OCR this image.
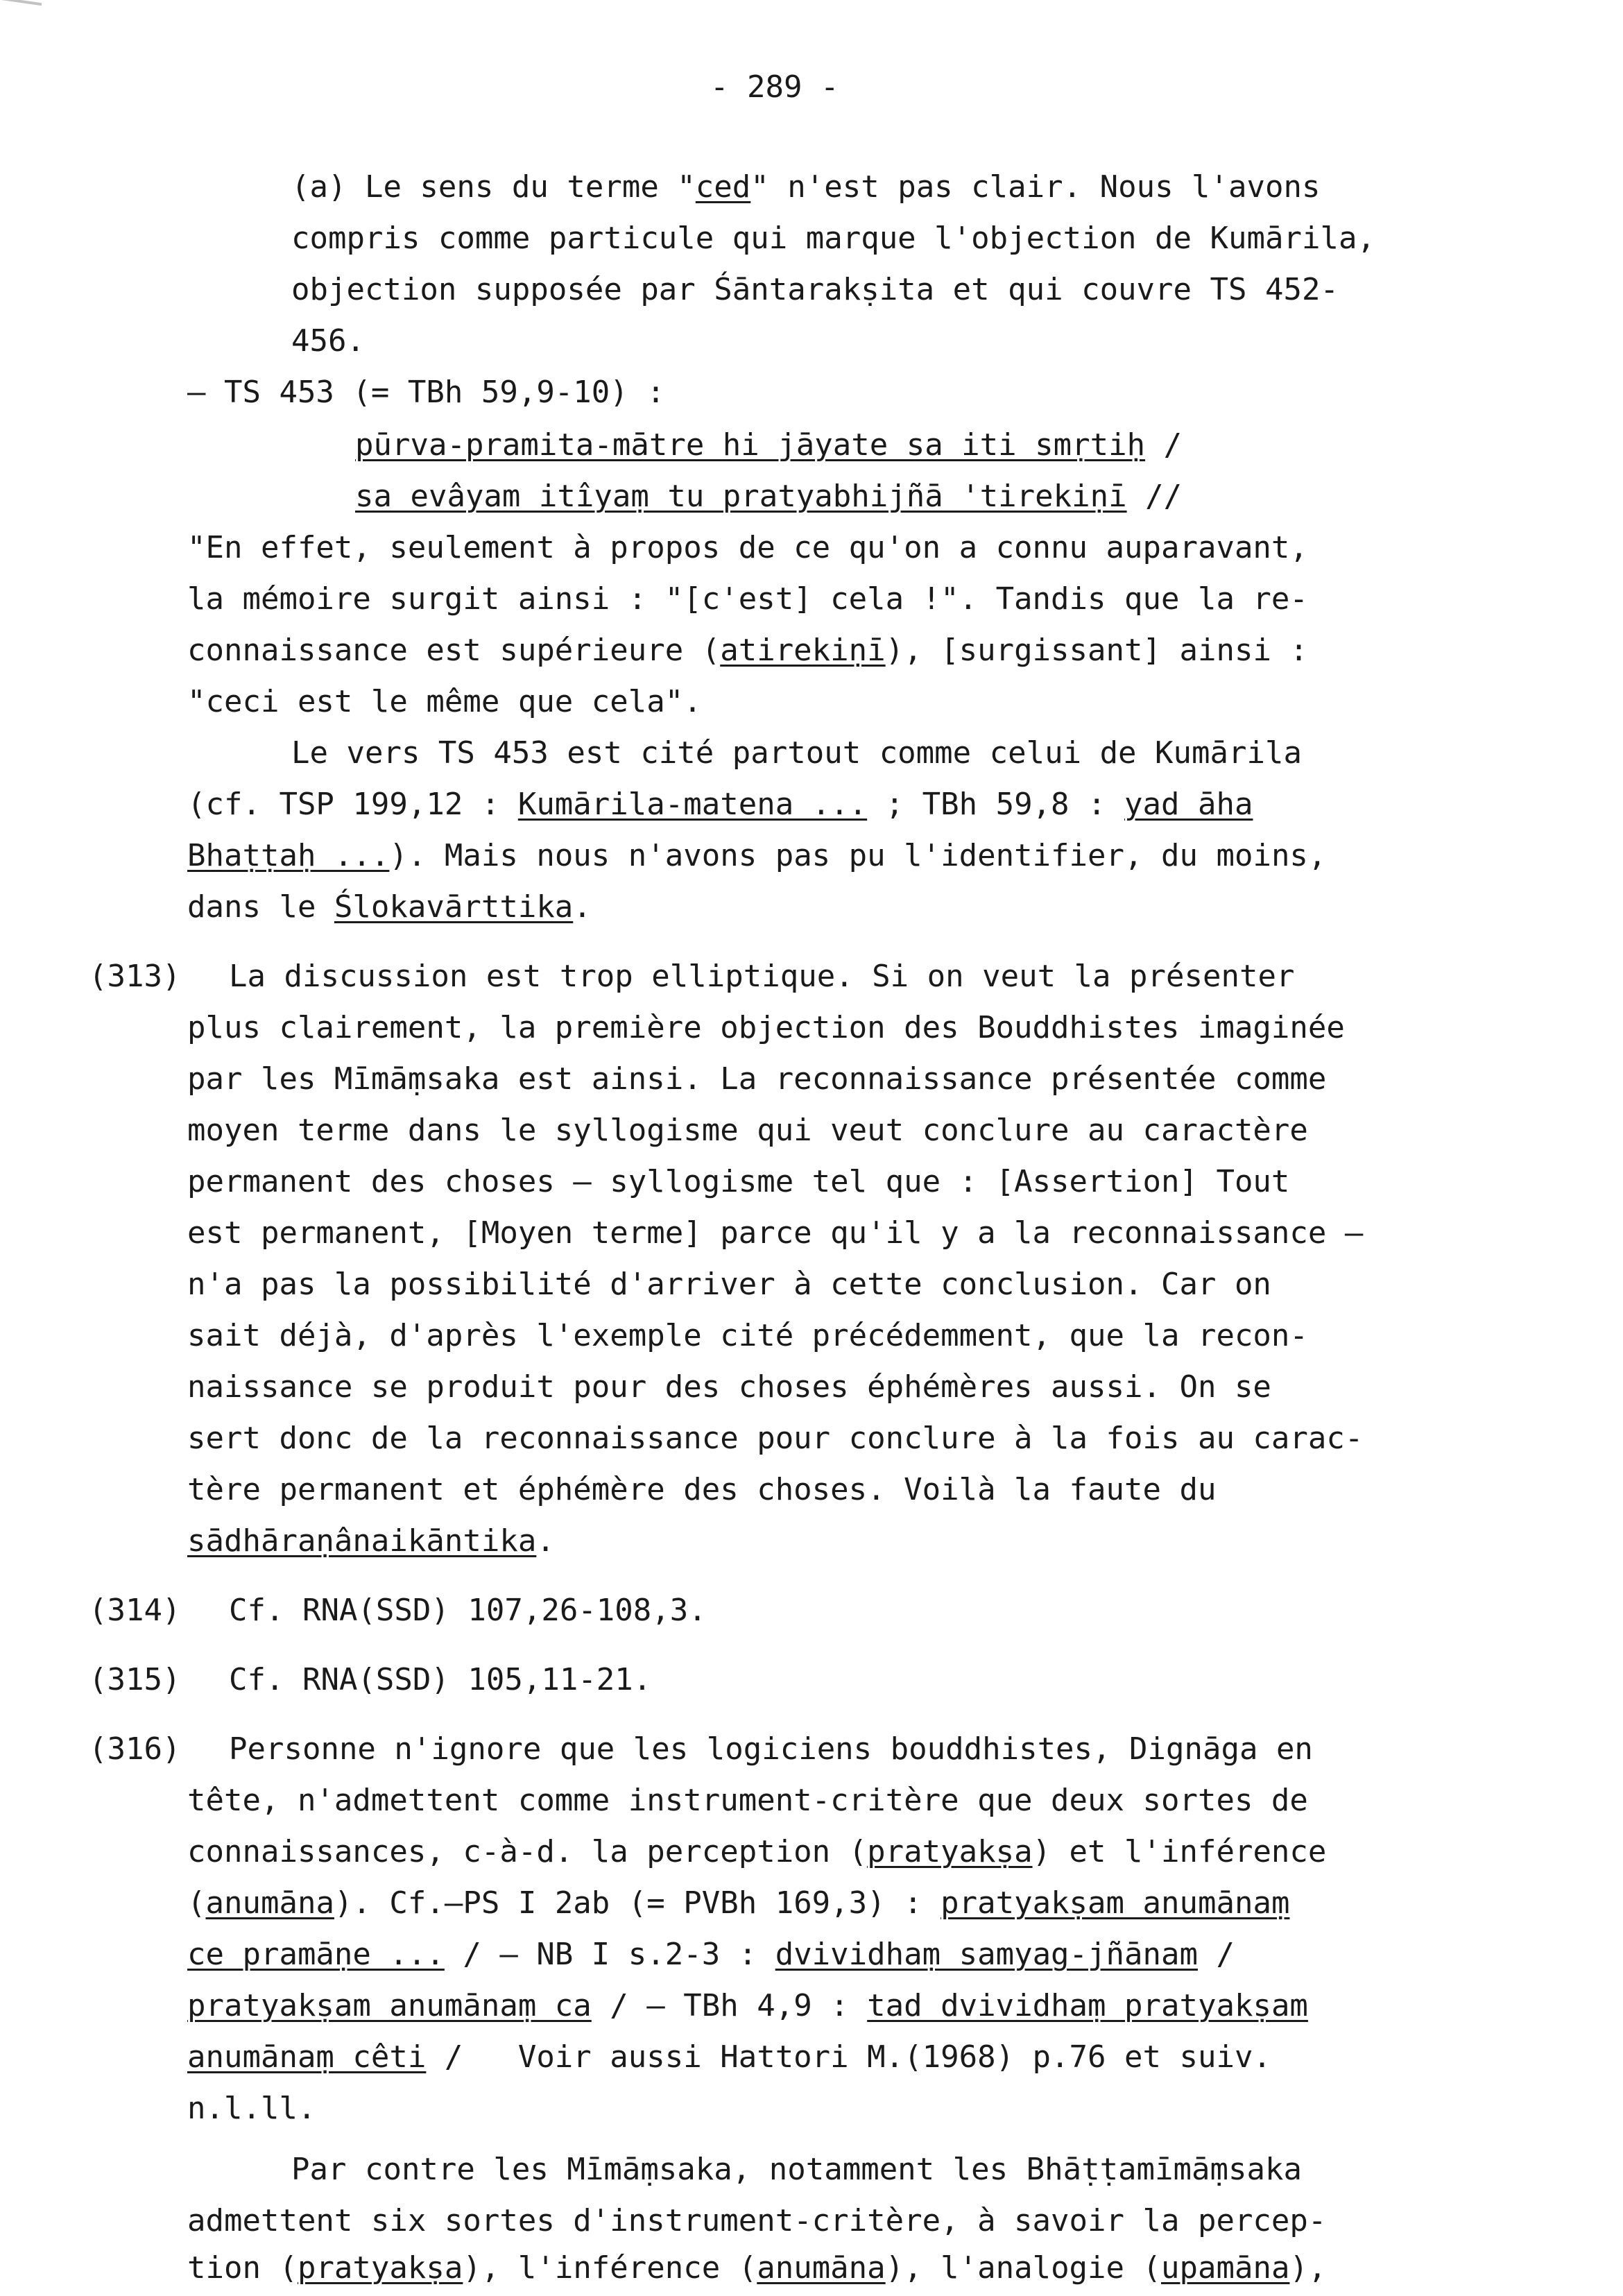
- 289 -
(a) Le sens du terme "ced" n'est pas clair. Nous l'avons
compris comme particule qui marque l'objection de Kumārila,
objection supposée par Śāntarakṣita et qui couvre TS 452-
456.
— TS 453 (= TBh 59,9-10) :
pūrva-pramita-mātre hi jāyate sa iti smṛtiḥ /
sa evâyam itîyaṃ tu pratyabhijñā 'tirekiṇī //
"En effet, seulement à propos de ce qu'on a connu auparavant,
la mémoire surgit ainsi : "[c'est] cela !". Tandis que la re-
connaissance est supérieure (atirekiṇī), [surgissant] ainsi :
"ceci est le même que cela".
Le vers TS 453 est cité partout comme celui de Kumārila
(cf. TSP 199,12 : Kumārila-matena ... ; TBh 59,8 : yad āha
Bhaṭṭaḥ ...). Mais nous n'avons pas pu l'identifier, du moins,
dans le Ślokavārttika.
(313) La discussion est trop elliptique. Si on veut la présenter
plus clairement, la première objection des Bouddhistes imaginée
par les Mīmāṃsaka est ainsi. La reconnaissance présentée comme
moyen terme dans le syllogisme qui veut conclure au caractère
permanent des choses — syllogisme tel que : [Assertion] Tout
est permanent, [Moyen terme] parce qu'il y a la reconnaissance —
n'a pas la possibilité d'arriver à cette conclusion. Car on
sait déjà, d'après l'exemple cité précédemment, que la recon-
naissance se produit pour des choses éphémères aussi. On se
sert donc de la reconnaissance pour conclure à la fois au carac-
tère permanent et éphémère des choses. Voilà la faute du
sādhāraṇânaikāntika.
(314) Cf. RNA(SSD) 107,26-108,3.
(315) Cf. RNA(SSD) 105,11-21.
(316) Personne n'ignore que les logiciens bouddhistes, Dignāga en
tête, n'admettent comme instrument-critère que deux sortes de
connaissances, c-à-d. la perception (pratyakṣa) et l'inférence
(anumāna). Cf.—PS I 2ab (= PVBh 169,3) : pratyakṣam anumānaṃ
ce pramāṇe ... / — NB I s.2-3 : dvividhaṃ samyag-jñānam /
pratyakṣam anumānaṃ ca / — TBh 4,9 : tad dvividhaṃ pratyakṣam
anumānaṃ cêti /   Voir aussi Hattori M.(1968) p.76 et suiv.
n.l.ll.
Par contre les Mīmāṃsaka, notamment les Bhāṭṭamīmāṃsaka
admettent six sortes d'instrument-critère, à savoir la percep-
tion (pratyakṣa), l'inférence (anumāna), l'analogie (upamāna),
